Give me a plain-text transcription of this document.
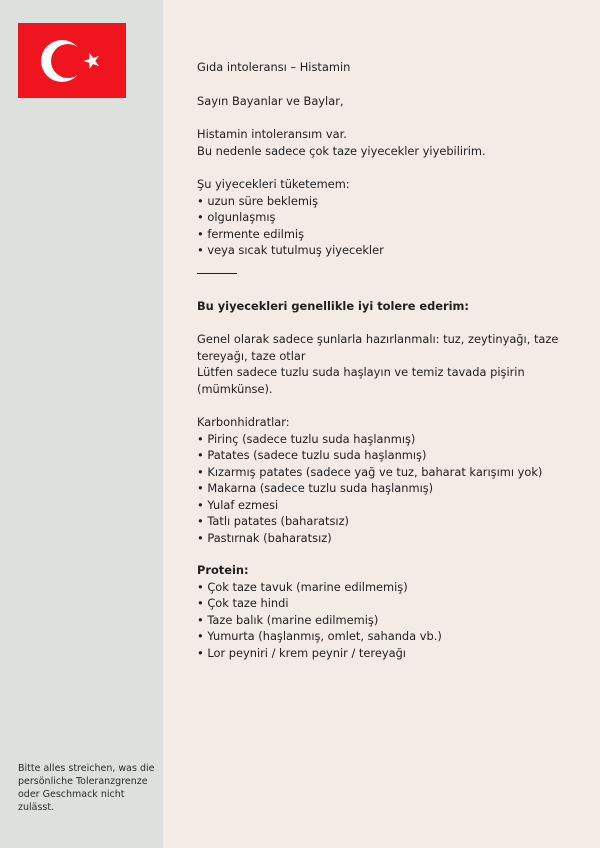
Bitte alles streichen, was die persönliche Toleranzgrenze oder Geschmack nicht zulässt.

Gıda intoleransı – Histamin

Sayın Bayanlar ve Baylar,

Histamin intoleransım var.

Bu nedenle sadece çok taze yiyecekler yiyebilirim.

Şu yiyecekleri tüketemem:

• uzun süre beklemiş
• olgunlaşmış
• fermente edilmiş
• veya sıcak tutulmuş yiyecekler

Bu yiyecekleri genellikle iyi tolere ederim:

Genel olarak sadece şunlarla hazırlanmalı: tuz, zeytinyağı, taze tereyağı, taze otlar

Lütfen sadece tuzlu suda haşlayın ve temiz tavada pişirin (mümkünse).

Karbonhidratlar:

• Pirinç (sadece tuzlu suda haşlanmış)
• Patates (sadece tuzlu suda haşlanmış)
• Kızarmış patates (sadece yağ ve tuz, baharat karışımı yok)
• Makarna (sadece tuzlu suda haşlanmış)
• Yulaf ezmesi
• Tatlı patates (baharatsız)
• Pastırnak (baharatsız)

Protein:

• Çok taze tavuk (marine edilmemiş)
• Çok taze hindi
• Taze balık (marine edilmemiş)
• Yumurta (haşlanmış, omlet, sahanda vb.)
• Lor peyniri / krem peynir / tereyağı
